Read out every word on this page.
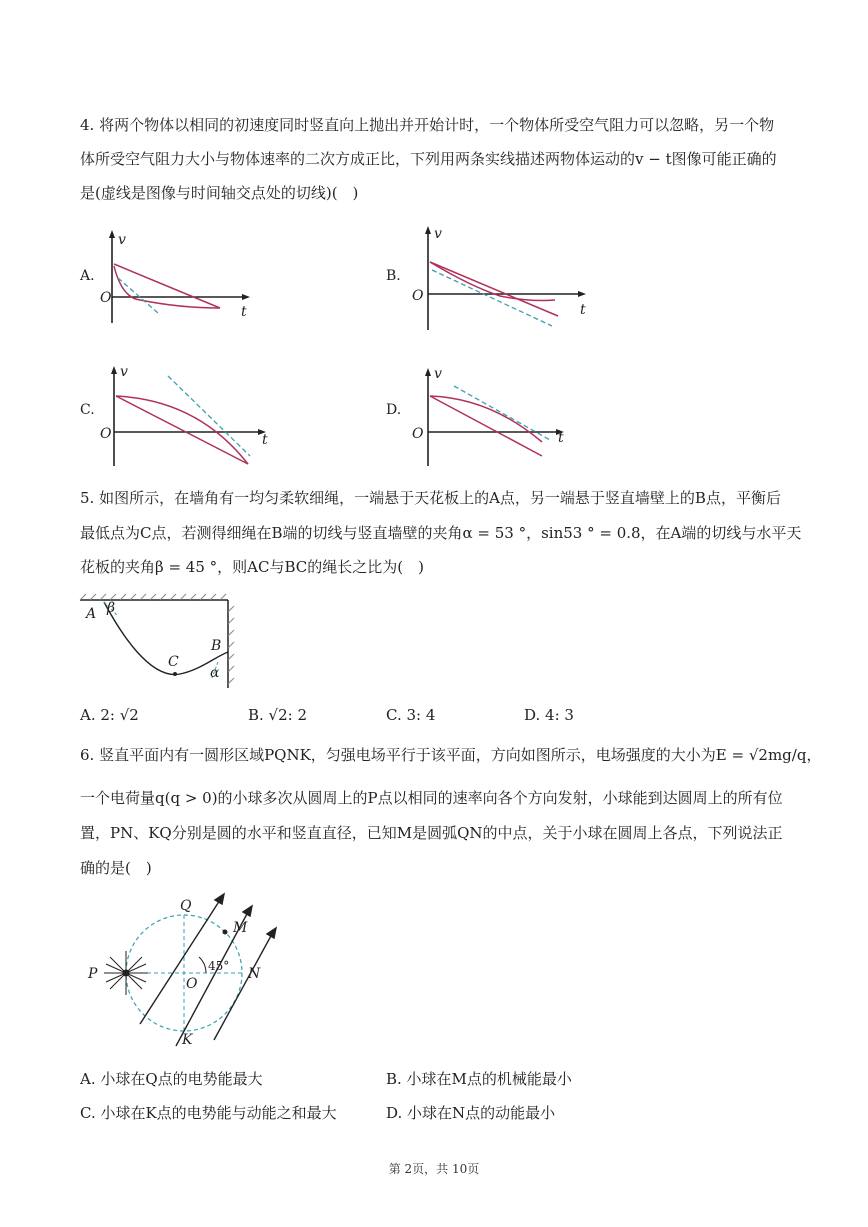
4. 将两个物体以相同的初速度同时竖直向上抛出并开始计时，一个物体所受空气阻力可以忽略，另一个物
体所受空气阻力大小与物体速率的二次方成正比，下列用两条实线描述两物体运动的v − t图像可能正确的
是(虚线是图像与时间轴交点处的切线)(　)
A.
v
O
t
B.
v
O
t
C.
v
O	t
D.
v
O	t
5. 如图所示，在墙角有一均匀柔软细绳，一端悬于天花板上的A点，另一端悬于竖直墙壁上的B点，平衡后
最低点为C点，若测得细绳在B端的切线与竖直墙壁的夹角α = 53 °，sin53 ° = 0.8，在A端的切线与水平天
花板的夹角β = 45 °，则AC与BC的绳长之比为(　)
A β
C
B
α
A. 2: √2	B. √2: 2	C. 3: 4	D. 4: 3
6. 竖直平面内有一圆形区域PQNK，匀强电场平行于该平面，方向如图所示，电场强度的大小为E = √2mg/q，
一个电荷量q(q > 0)的小球多次从圆周上的P点以相同的速率向各个方向发射，小球能到达圆周上的所有位
置，PN、KQ分别是圆的水平和竖直直径，已知M是圆弧QN的中点，关于小球在圆周上各点，下列说法正
确的是(　)
P
Q
M
N
O
K
45°
A. 小球在Q点的电势能最大	B. 小球在M点的机械能最小
C. 小球在K点的电势能与动能之和最大	D. 小球在N点的动能最小
第 2页，共 10页
